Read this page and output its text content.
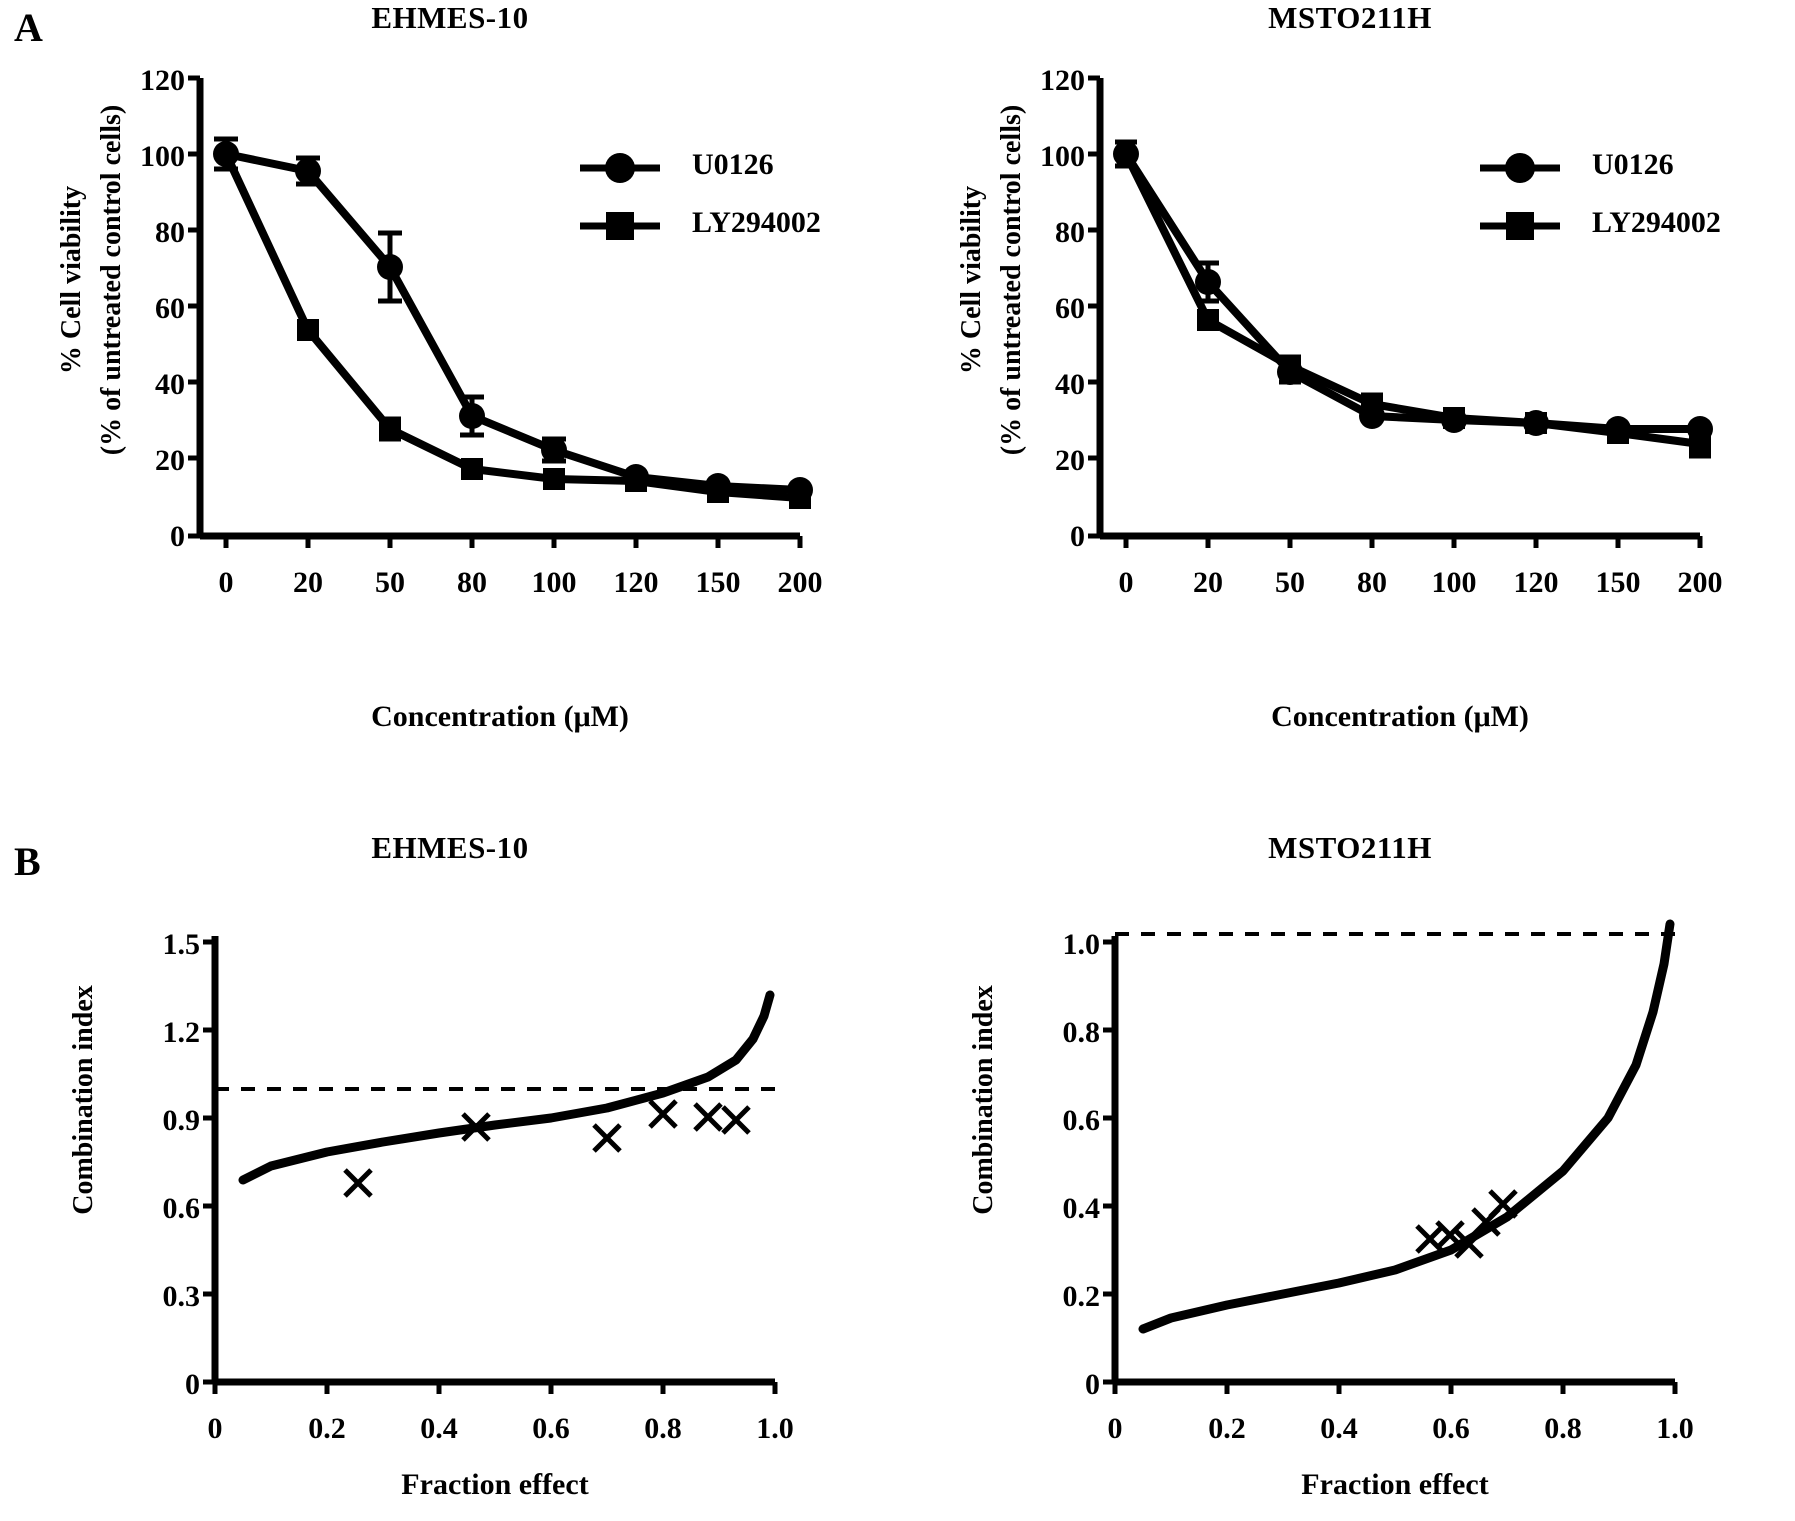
A
B
EHMES-10
% Cell viability (% of untreated control cells)
120
100
80
60
40
20
0
0 20 50 80 100 120 150 200
U0126
LY294002
Concentration (μM)
MSTO211H
% Cell viability (% of untreated control cells)
120
100
80
60
40
20
0
0 20 50 80 100 120 150 200
U0126
LY294002
Concentration (μM)
EHMES-10
Combination index
1.5
1.2
0.9
0.6
0.3
0
0	0.2 0.4 0.6 0.8 1.0
Fraction effect
MSTO211H
Combination index
1.0
0.8
0.6
0.4
0.2
0
0	0.2 0.4 0.6 0.8 1.0
Fraction effect
